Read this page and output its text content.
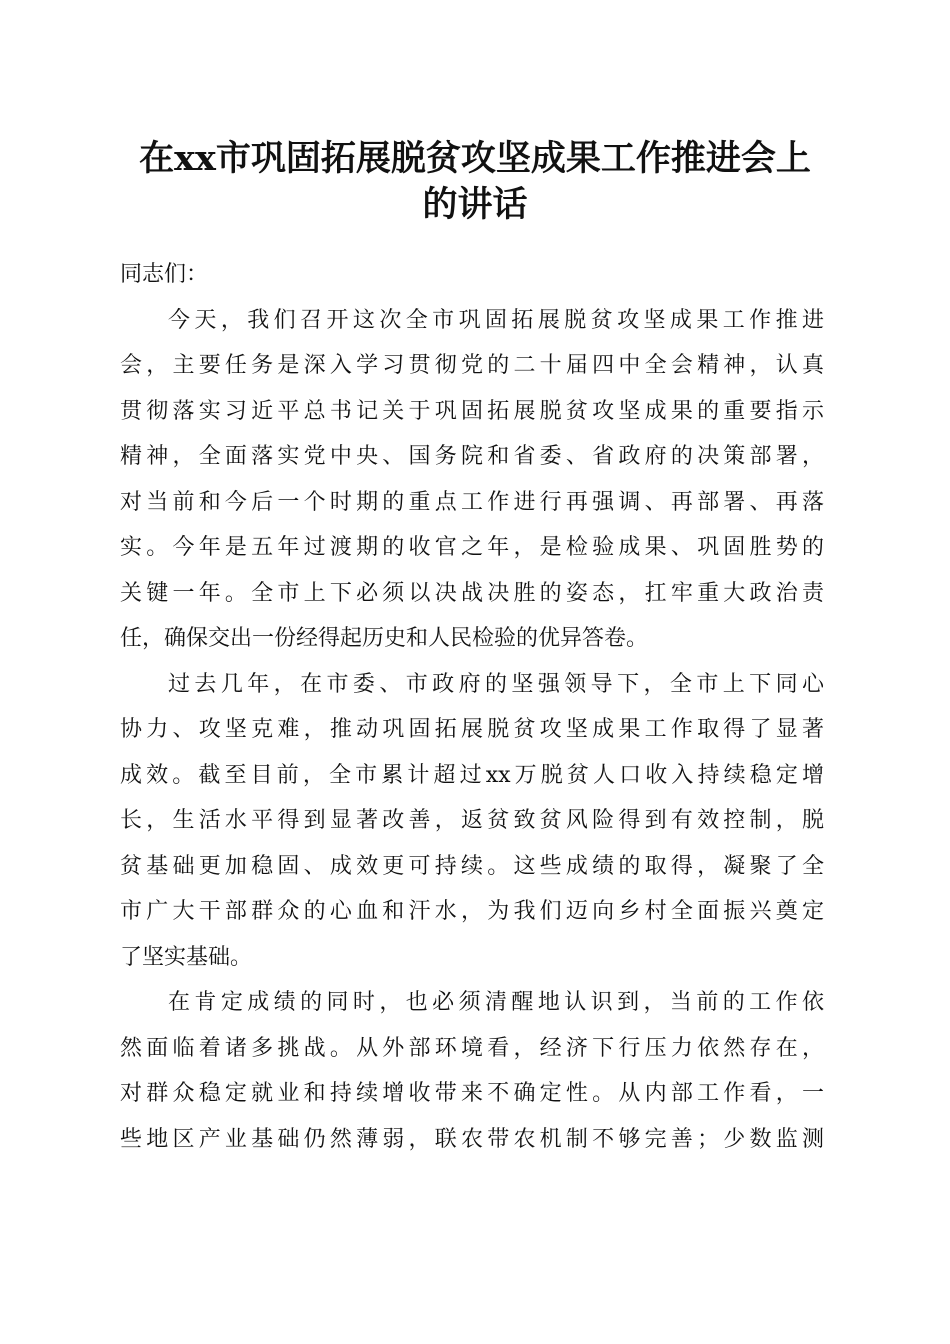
在xx市巩固拓展脱贫攻坚成果工作推进会上
的讲话

同志们：

今天，我们召开这次全市巩固拓展脱贫攻坚成果工作推进
会，主要任务是深入学习贯彻党的二十届四中全会精神，认真
贯彻落实习近平总书记关于巩固拓展脱贫攻坚成果的重要指示
精神，全面落实党中央、国务院和省委、省政府的决策部署，
对当前和今后一个时期的重点工作进行再强调、再部署、再落
实。今年是五年过渡期的收官之年，是检验成果、巩固胜势的
关键一年。全市上下必须以决战决胜的姿态，扛牢重大政治责
任，确保交出一份经得起历史和人民检验的优异答卷。

过去几年，在市委、市政府的坚强领导下，全市上下同心
协力、攻坚克难，推动巩固拓展脱贫攻坚成果工作取得了显著
成效。截至目前，全市累计超过xx万脱贫人口收入持续稳定增
长，生活水平得到显著改善，返贫致贫风险得到有效控制，脱
贫基础更加稳固、成效更可持续。这些成绩的取得，凝聚了全
市广大干部群众的心血和汗水，为我们迈向乡村全面振兴奠定
了坚实基础。

在肯定成绩的同时，也必须清醒地认识到，当前的工作依
然面临着诸多挑战。从外部环境看，经济下行压力依然存在，
对群众稳定就业和持续增收带来不确定性。从内部工作看，一
些地区产业基础仍然薄弱，联农带农机制不够完善；少数监测
